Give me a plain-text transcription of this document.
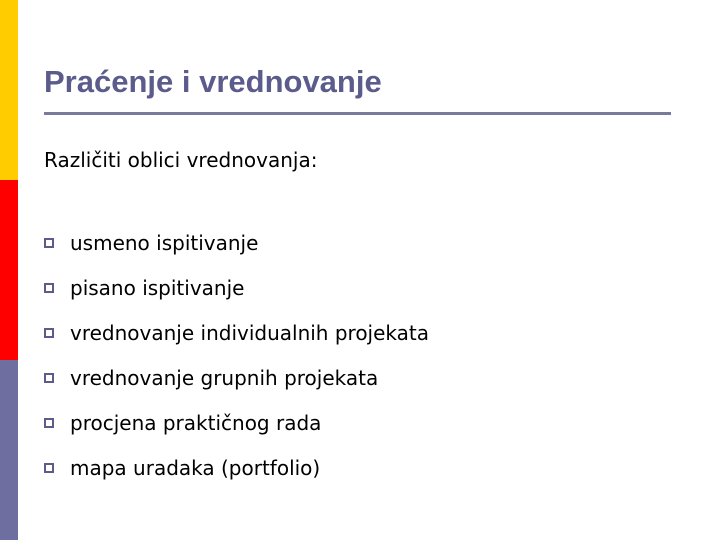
Praćenje i vrednovanje
Različiti oblici vrednovanja:
usmeno ispitivanje
pisano ispitivanje
vrednovanje individualnih projekata
vrednovanje grupnih projekata
procjena praktičnog rada
mapa uradaka (portfolio)
